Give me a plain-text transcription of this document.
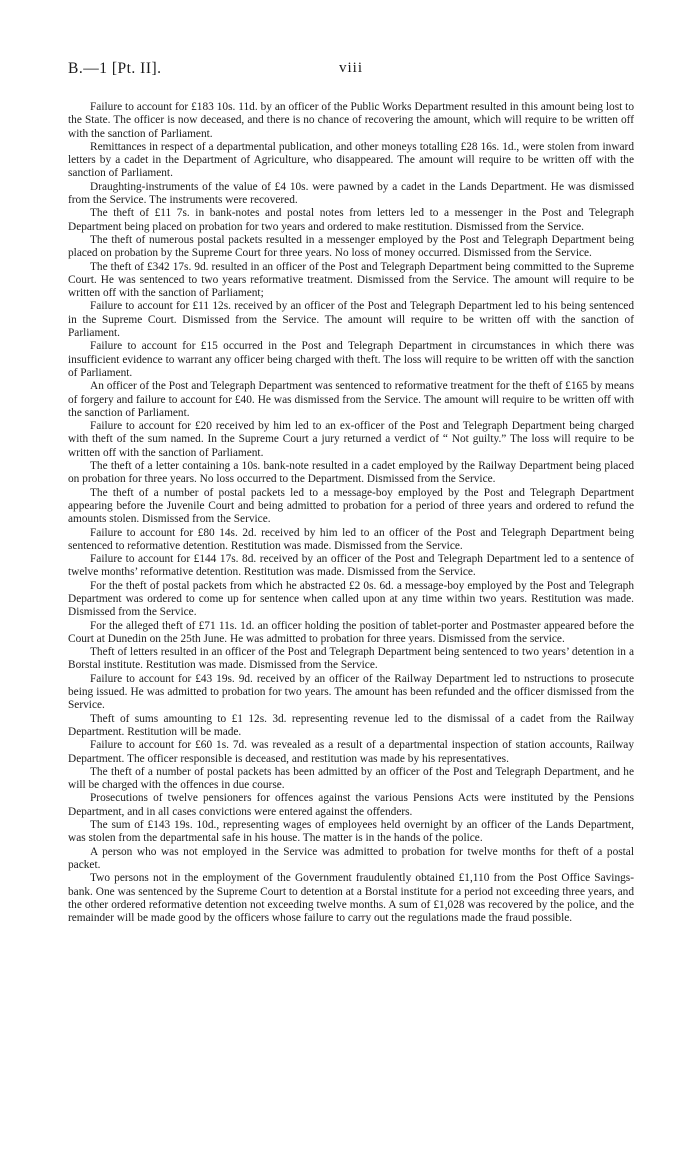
B.—1 [Pt. II].	viii

Failure to account for £183 10s. 11d. by an officer of the Public Works Department resulted in this amount being lost to the State. The officer is now deceased, and there is no chance of recovering the amount, which will require to be written off with the sanction of Parliament.

Remittances in respect of a departmental publication, and other moneys totalling £28 16s. 1d., were stolen from inward letters by a cadet in the Department of Agriculture, who disappeared. The amount will require to be written off with the sanction of Parliament.

Draughting-instruments of the value of £4 10s. were pawned by a cadet in the Lands Department. He was dismissed from the Service. The instruments were recovered.

The theft of £11 7s. in bank-notes and postal notes from letters led to a messenger in the Post and Telegraph Department being placed on probation for two years and ordered to make restitution. Dismissed from the Service.

The theft of numerous postal packets resulted in a messenger employed by the Post and Telegraph Department being placed on probation by the Supreme Court for three years. No loss of money occurred. Dismissed from the Service.

The theft of £342 17s. 9d. resulted in an officer of the Post and Telegraph Department being committed to the Supreme Court. He was sentenced to two years reformative treatment. Dismissed from the Service. The amount will require to be written off with the sanction of Parliament;

Failure to account for £11 12s. received by an officer of the Post and Telegraph Department led to his being sentenced in the Supreme Court. Dismissed from the Service. The amount will require to be written off with the sanction of Parliament.

Failure to account for £15 occurred in the Post and Telegraph Department in circumstances in which there was insufficient evidence to warrant any officer being charged with theft. The loss will require to be written off with the sanction of Parliament.

An officer of the Post and Telegraph Department was sentenced to reformative treatment for the theft of £165 by means of forgery and failure to account for £40. He was dismissed from the Service. The amount will require to be written off with the sanction of Parliament.

Failure to account for £20 received by him led to an ex-officer of the Post and Telegraph Department being charged with theft of the sum named. In the Supreme Court a jury returned a verdict of “ Not guilty.” The loss will require to be written off with the sanction of Parliament.

The theft of a letter containing a 10s. bank-note resulted in a cadet employed by the Railway Department being placed on probation for three years. No loss occurred to the Department. Dismissed from the Service.

The theft of a number of postal packets led to a message-boy employed by the Post and Telegraph Department appearing before the Juvenile Court and being admitted to probation for a period of three years and ordered to refund the amounts stolen. Dismissed from the Service.

Failure to account for £80 14s. 2d. received by him led to an officer of the Post and Telegraph Department being sentenced to reformative detention. Restitution was made. Dismissed from the Service.

Failure to account for £144 17s. 8d. received by an officer of the Post and Telegraph Department led to a sentence of twelve months’ reformative detention. Restitution was made. Dismissed from the Service.

For the theft of postal packets from which he abstracted £2 0s. 6d. a message-boy employed by the Post and Telegraph Department was ordered to come up for sentence when called upon at any time within two years. Restitution was made. Dismissed from the Service.

For the alleged theft of £71 11s. 1d. an officer holding the position of tablet-porter and Postmaster appeared before the Court at Dunedin on the 25th June. He was admitted to probation for three years. Dismissed from the service.

Theft of letters resulted in an officer of the Post and Telegraph Department being sentenced to two years’ detention in a Borstal institute. Restitution was made. Dismissed from the Service.

Failure to account for £43 19s. 9d. received by an officer of the Railway Department led to nstructions to prosecute being issued. He was admitted to probation for two years. The amount has been refunded and the officer dismissed from the Service.

Theft of sums amounting to £1 12s. 3d. representing revenue led to the dismissal of a cadet from the Railway Department. Restitution will be made.

Failure to account for £60 1s. 7d. was revealed as a result of a departmental inspection of station accounts, Railway Department. The officer responsible is deceased, and restitution was made by his representatives.

The theft of a number of postal packets has been admitted by an officer of the Post and Telegraph Department, and he will be charged with the offences in due course.

Prosecutions of twelve pensioners for offences against the various Pensions Acts were instituted by the Pensions Department, and in all cases convictions were entered against the offenders.

The sum of £143 19s. 10d., representing wages of employees held overnight by an officer of the Lands Department, was stolen from the departmental safe in his house. The matter is in the hands of the police.

A person who was not employed in the Service was admitted to probation for twelve months for theft of a postal packet.

Two persons not in the employment of the Government fraudulently obtained £1,110 from the Post Office Savings-bank. One was sentenced by the Supreme Court to detention at a Borstal institute for a period not exceeding three years, and the other ordered reformative detention not exceeding twelve months. A sum of £1,028 was recovered by the police, and the remainder will be made good by the officers whose failure to carry out the regulations made the fraud possible.
